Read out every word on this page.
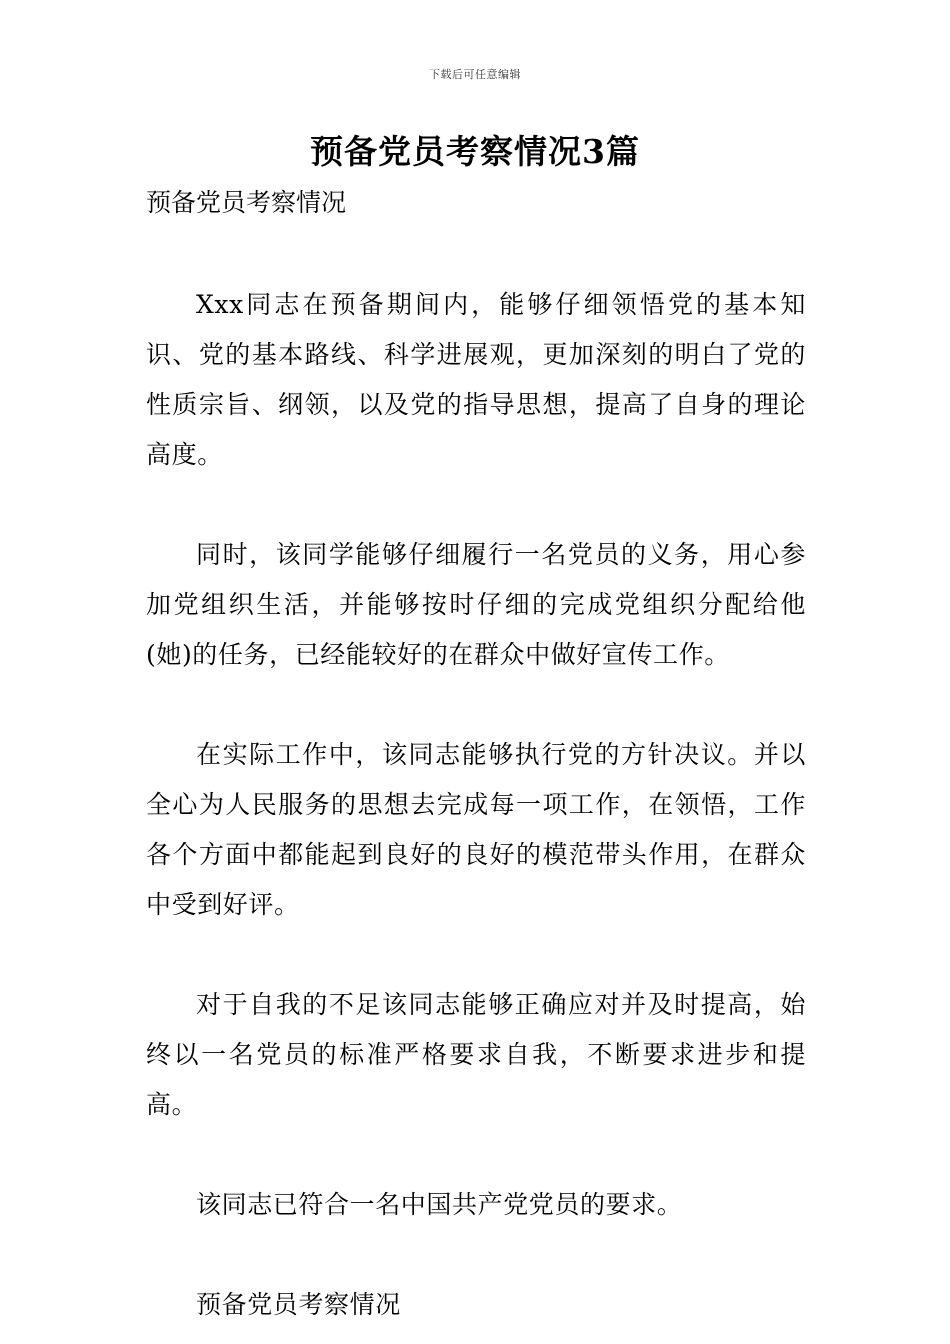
下载后可任意编辑
预备党员考察情况3篇

预备党员考察情况

Xxx同志在预备期间内，能够仔细领悟党的基本知识、党的基本路线、科学进展观，更加深刻的明白了党的性质宗旨、纲领，以及党的指导思想，提高了自身的理论高度。

同时，该同学能够仔细履行一名党员的义务，用心参加党组织生活，并能够按时仔细的完成党组织分配给他(她)的任务，已经能较好的在群众中做好宣传工作。

在实际工作中，该同志能够执行党的方针决议。并以全心为人民服务的思想去完成每一项工作，在领悟，工作各个方面中都能起到良好的良好的模范带头作用，在群众中受到好评。

对于自我的不足该同志能够正确应对并及时提高，始终以一名党员的标准严格要求自我，不断要求进步和提高。

该同志已符合一名中国共产党党员的要求。

预备党员考察情况
